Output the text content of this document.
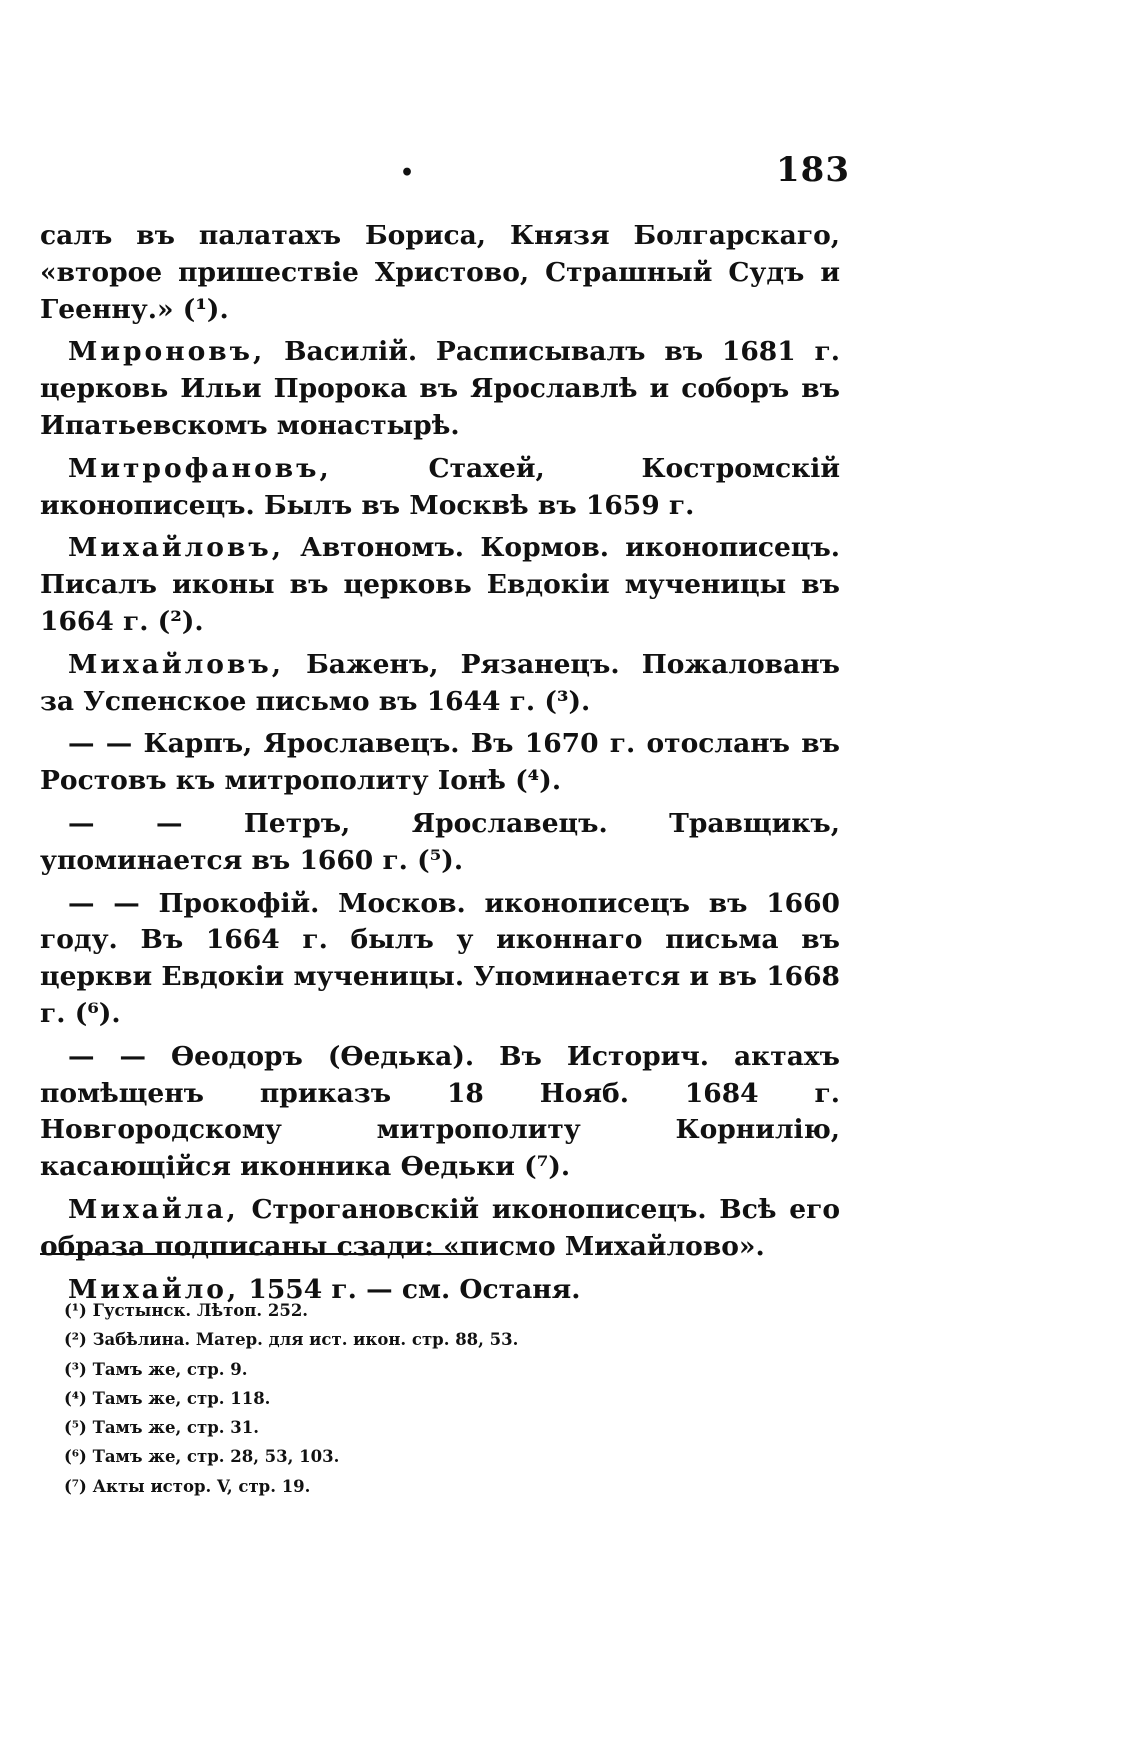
•	183

салъ въ палатахъ Бориса, Князя Болгарскаго, «второе пришествіе Христово, Страшный Судъ и Геенну.» (¹).

Мироновъ, Василій. Расписывалъ въ 1681 г. церковь Ильи Пророка въ Ярославлѣ и соборъ въ Ипатьевскомъ монастырѣ.

Митрофановъ, Стахей, Костромскій иконописецъ. Былъ въ Москвѣ въ 1659 г.

Михайловъ, Автономъ. Кормов. иконописецъ. Писалъ иконы въ церковь Евдокіи мученицы въ 1664 г. (²).

Михайловъ, Баженъ, Рязанецъ. Пожалованъ за Успенское письмо въ 1644 г. (³).

— — Карпъ, Ярославецъ. Въ 1670 г. отосланъ въ Ростовъ къ митрополиту Іонѣ (⁴).

— — Петръ, Ярославецъ. Травщикъ, упоминается въ 1660 г. (⁵).

— — Прокофій. Москов. иконописецъ въ 1660 году. Въ 1664 г. былъ у иконнаго письма въ церкви Евдокіи мученицы. Упоминается и въ 1668 г. (⁶).

— — Ѳеодоръ (Ѳедька). Въ Историч. актахъ помѣщенъ приказъ 18 Нояб. 1684 г. Новгородскому митрополиту Корнилію, касающійся иконника Ѳедьки (⁷).

Михайла, Строгановскій иконописецъ. Всѣ его образа подписаны сзади: «писмо Михайлово».

Михайло, 1554 г. — см. Останя.

(¹) Густынск. Лѣтоп. 252.
(²) Забѣлина. Матер. для ист. икон. стр. 88, 53.
(³) Тамъ же, стр. 9.
(⁴) Тамъ же, стр. 118.
(⁵) Тамъ же, стр. 31.
(⁶) Тамъ же, стр. 28, 53, 103.
(⁷) Акты истор. V, стр. 19.
